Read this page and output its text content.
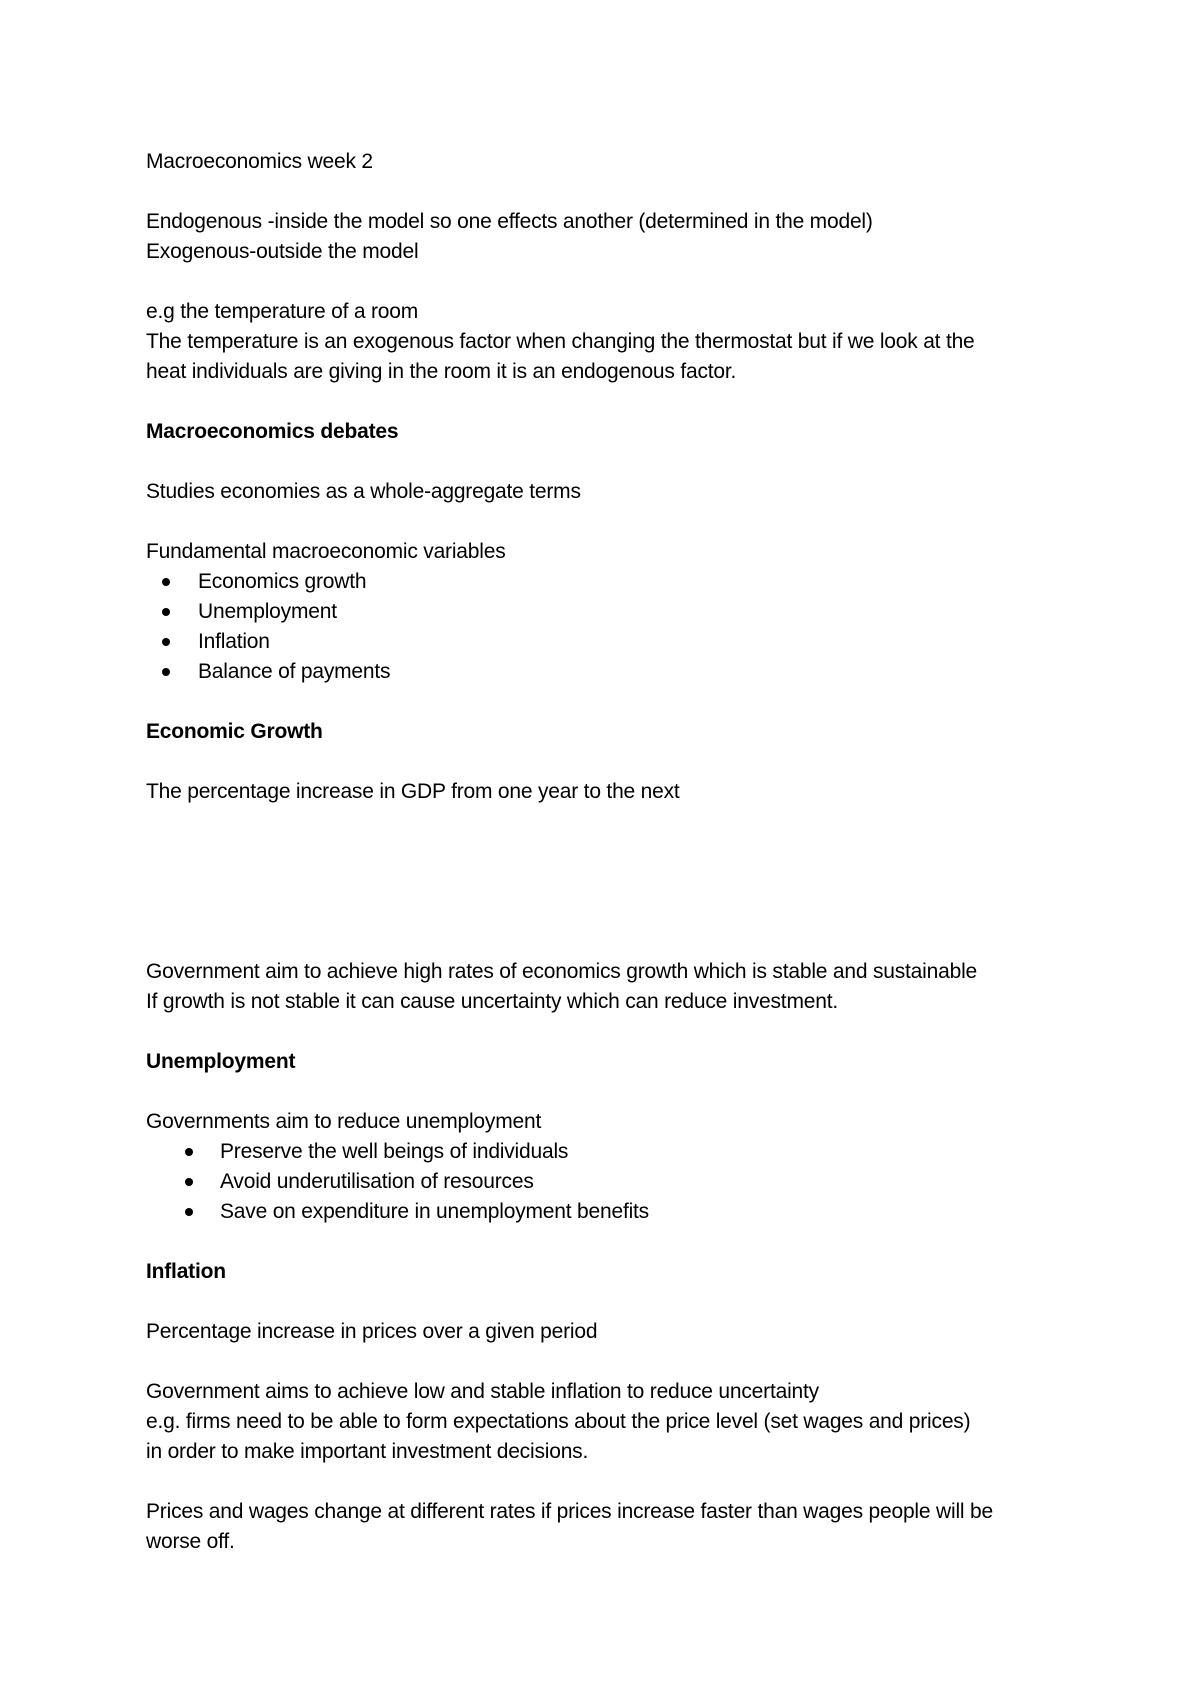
Macroeconomics week 2
Endogenous -inside the model so one effects another (determined in the model)
Exogenous-outside the model
e.g the temperature of a room
The temperature is an exogenous factor when changing the thermostat but if we look at the
heat individuals are giving in the room it is an endogenous factor.
Macroeconomics debates
Studies economies as a whole-aggregate terms
Fundamental macroeconomic variables
Economics growth
Unemployment
Inflation
Balance of payments
Economic Growth
The percentage increase in GDP from one year to the next
Government aim to achieve high rates of economics growth which is stable and sustainable
If growth is not stable it can cause uncertainty which can reduce investment.
Unemployment
Governments aim to reduce unemployment
Preserve the well beings of individuals
Avoid underutilisation of resources
Save on expenditure in unemployment benefits
Inflation
Percentage increase in prices over a given period
Government aims to achieve low and stable inflation to reduce uncertainty
e.g. firms need to be able to form expectations about the price level (set wages and prices)
in order to make important investment decisions.
Prices and wages change at different rates if prices increase faster than wages people will be
worse off.
